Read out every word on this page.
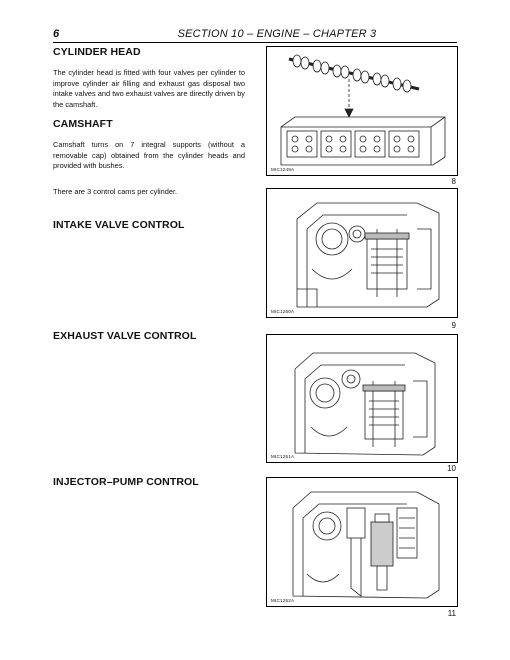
6	SECTION 10 – ENGINE – CHAPTER 3
CYLINDER HEAD
The cylinder head is fitted with four valves per cylinder to improve cylinder air filling and exhaust gas disposal two intake valves and two exhaust valves are directly driven by the camshaft.
CAMSHAFT
Camshaft turns on 7 integral supports (without a removable cap) obtained from the cylinder heads and provided with bushes.
There are 3 control cams per cylinder.
INTAKE VALVE CONTROL
EXHAUST VALVE CONTROL
INJECTOR–PUMP CONTROL
MIC1249A
8
MIC1250A
9
MIC1251A
10
MIC1252A
11
